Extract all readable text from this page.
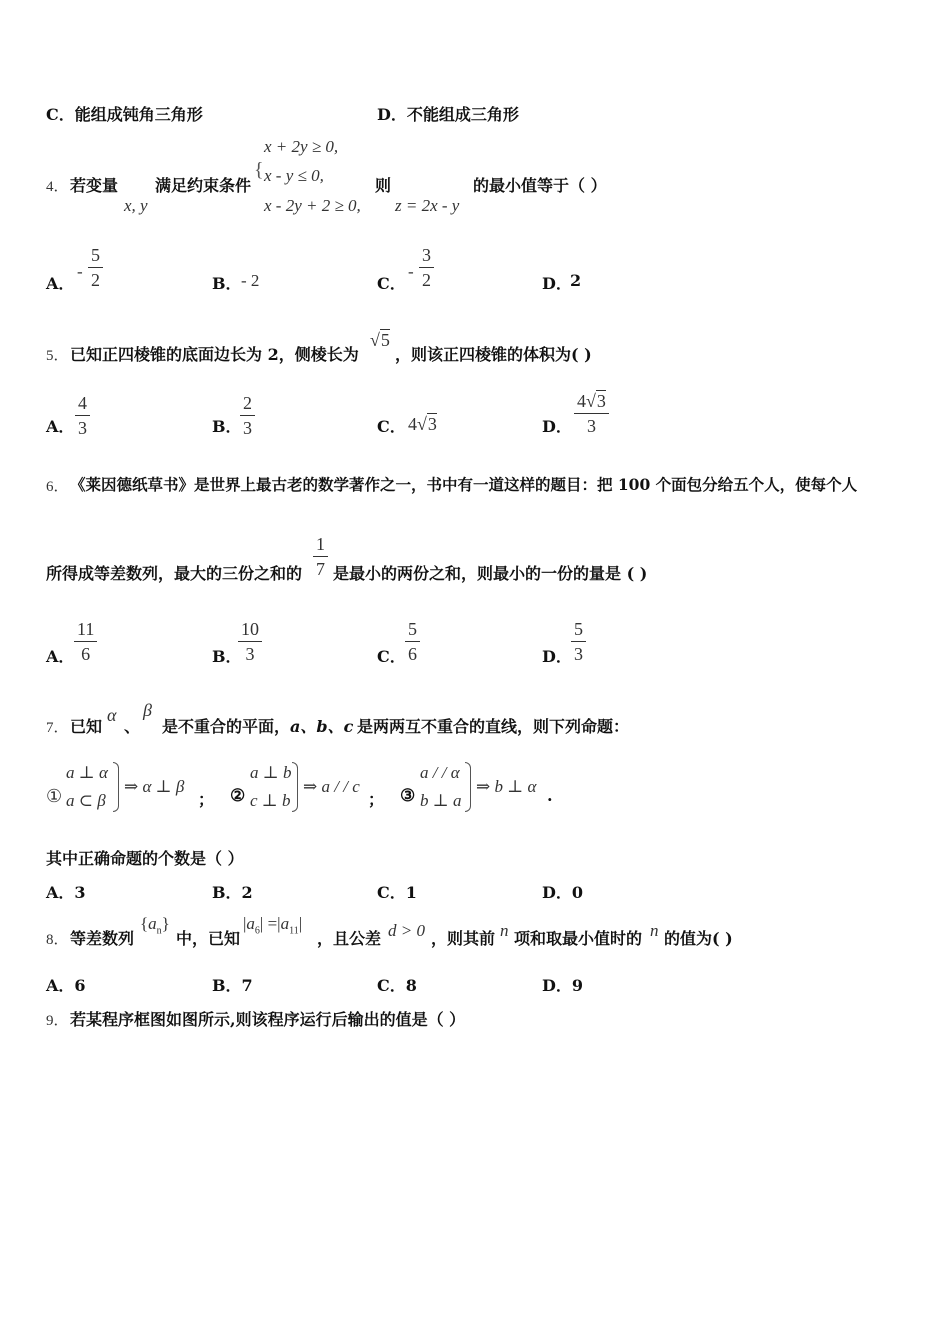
C．能组成钝角三角形	D．不能组成三角形
4． 若变量
x, y
满足约束条件
{
x + 2y ≥ 0,
x - y ≤ 0,
x - 2y + 2 ≥ 0,
则
z = 2x - y
的最小值等于（ ）
A．
- $\frac{5}{2}$	B． - 2	C．
- $\frac{3}{2}$	D．
2
5． 已知正四棱锥的底面边长为 2，侧棱长为
√5
，则该正四棱锥的体积为( )
A． $\frac{4}{3}$	B．
$\frac{2}{3}$	C． 4√3	D． $\frac{4√3}{3}$
6． 《莱因德纸草书》是世界上最古老的数学著作之一，书中有一道这样的题目：把 100 个面包分给五个人，使每个人
所得成等差数列，最大的三份之和的 $\frac{1}{7}$ 是最小的两份之和，则最小的一份的量是 ( )
A． $\frac{11}{6}$	B．
$\frac{10}{3}$	C． $\frac{5}{6}$	D． $\frac{5}{3}$
7． 已知
α
、
β
是不重合的平面， a、b、c 是两两互不重合的直线，则下列命题：
①
a ⊥ α
a ⊂ β
⇒ α ⊥ β
； ②
a ⊥ b
c ⊥ b
⇒ a / / c
； ③
a / / α
b ⊥ a
⇒ b ⊥ α .
其中正确命题的个数是（ ）
A．3	B．2	C．1	D．0
8． 等差数列
$\{a_n\}$
中，已知
$|a_6| =|a_{11}|$
，且公差 d > 0 ，则其前 n 项和取最小值时的 n 的值为( )
A．6	B．7	C．8	D．9
9． 若某程序框图如图所示,则该程序运行后输出的值是（ ）
